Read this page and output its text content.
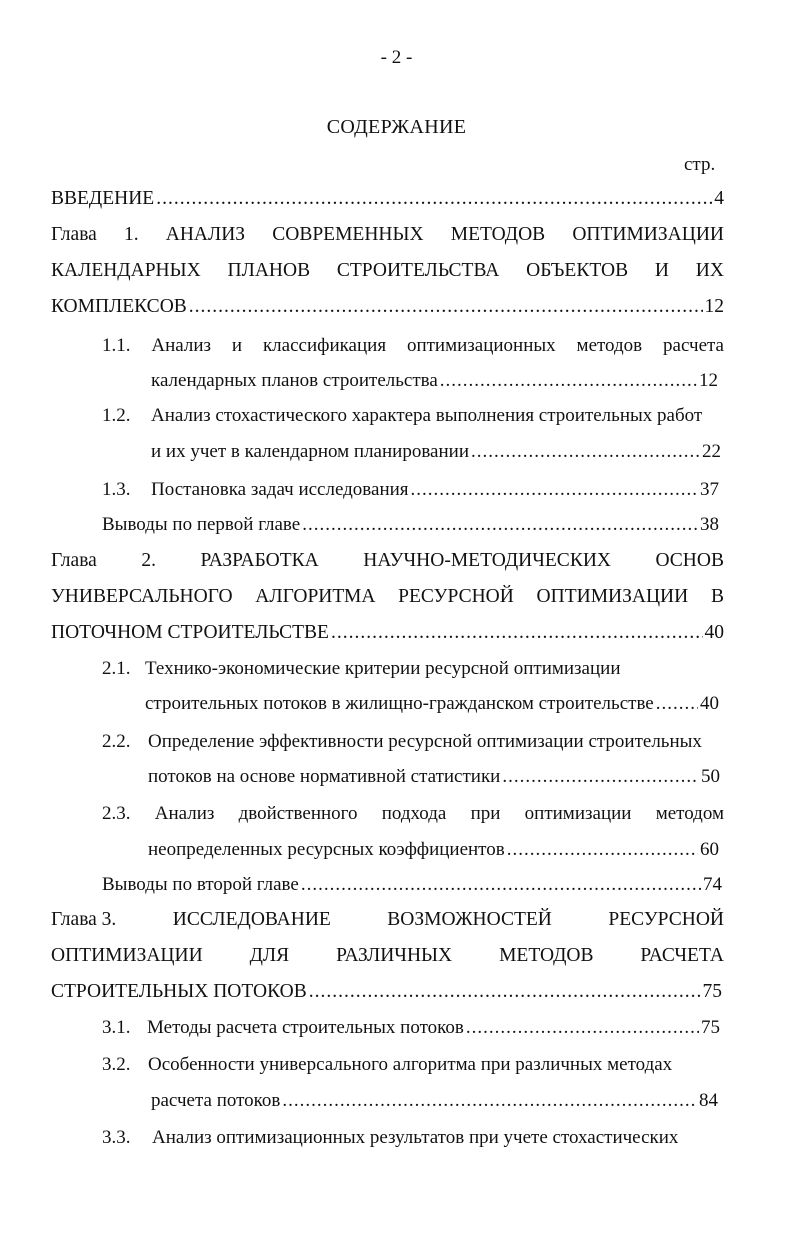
- 2 -
СОДЕРЖАНИЕ
стр.
ВВЕДЕНИЕ .....	4
Глава 1. АНАЛИЗ СОВРЕМЕННЫХ МЕТОДОВ ОПТИМИЗАЦИИ
КАЛЕНДАРНЫХ ПЛАНОВ СТРОИТЕЛЬСТВА ОБЪЕКТОВ И ИХ
КОМПЛЕКСОВ .....	12
1.1. Анализ и классификация оптимизационных методов расчета
календарных планов строительства .....	12
1.2.	Анализ стохастического характера выполнения строительных работ
и их учет в календарном планировании .....	22
1.3.	Постановка задач исследования .....	37
Выводы по первой главе .....	38
Глава 2. РАЗРАБОТКА НАУЧНО-МЕТОДИЧЕСКИХ ОСНОВ
УНИВЕРСАЛЬНОГО АЛГОРИТМА РЕСУРСНОЙ ОПТИМИЗАЦИИ В
ПОТОЧНОМ СТРОИТЕЛЬСТВЕ .....	40
2.1. Технико-экономические критерии ресурсной оптимизации
строительных потоков в жилищно-гражданском строительстве ..... 40
2.2. Определение эффективности ресурсной оптимизации строительных
потоков на основе нормативной статистики .....	50
2.3. Анализ двойственного подхода при оптимизации методом
неопределенных ресурсных коэффициентов .....	60
Выводы по второй главе .....	74
Глава 3.	ИССЛЕДОВАНИЕ	ВОЗМОЖНОСТЕЙ	РЕСУРСНОЙ
ОПТИМИЗАЦИИ ДЛЯ РАЗЛИЧНЫХ МЕТОДОВ РАСЧЕТА
СТРОИТЕЛЬНЫХ ПОТОКОВ .....	75
3.1. Методы расчета строительных потоков .....	75
3.2. Особенности универсального алгоритма при различных методах
расчета потоков .....	84
3.3.	Анализ оптимизационных результатов при учете стохастических
